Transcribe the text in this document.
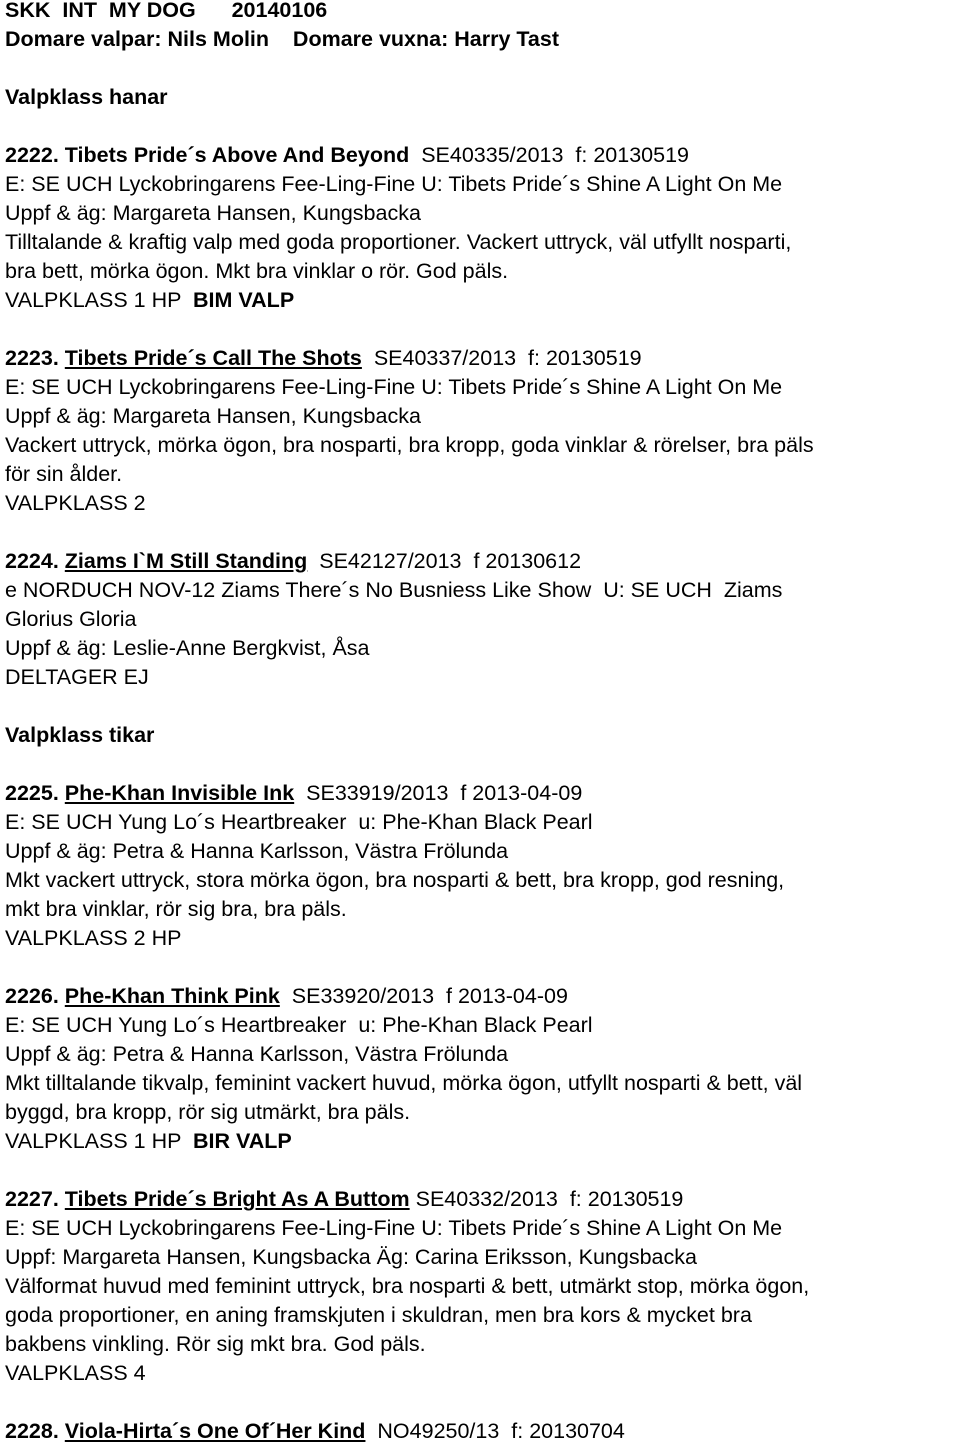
SKK  INT  MY DOG      20140106
Domare valpar: Nils Molin    Domare vuxna: Harry Tast
Valpklass hanar
2222. Tibets Pride´s Above And Beyond  SE40335/2013  f: 20130519
E: SE UCH Lyckobringarens Fee-Ling-Fine U: Tibets Pride´s Shine A Light On Me
Uppf & äg: Margareta Hansen, Kungsbacka
Tilltalande & kraftig valp med goda proportioner. Vackert uttryck, väl utfyllt nosparti,
bra bett, mörka ögon. Mkt bra vinklar o rör. God päls.
VALPKLASS 1 HP  BIM VALP
2223. Tibets Pride´s Call The Shots  SE40337/2013  f: 20130519
E: SE UCH Lyckobringarens Fee-Ling-Fine U: Tibets Pride´s Shine A Light On Me
Uppf & äg: Margareta Hansen, Kungsbacka
Vackert uttryck, mörka ögon, bra nosparti, bra kropp, goda vinklar & rörelser, bra päls
för sin ålder.
VALPKLASS 2
2224. Ziams I`M Still Standing  SE42127/2013  f 20130612
e NORDUCH NOV-12 Ziams There´s No Busniess Like Show  U: SE UCH  Ziams
Glorius Gloria
Uppf & äg: Leslie-Anne Bergkvist, Åsa
DELTAGER EJ
Valpklass tikar
2225. Phe-Khan Invisible Ink  SE33919/2013  f 2013-04-09
E: SE UCH Yung Lo´s Heartbreaker  u: Phe-Khan Black Pearl
Uppf & äg: Petra & Hanna Karlsson, Västra Frölunda
Mkt vackert uttryck, stora mörka ögon, bra nosparti & bett, bra kropp, god resning,
mkt bra vinklar, rör sig bra, bra päls.
VALPKLASS 2 HP
2226. Phe-Khan Think Pink  SE33920/2013  f 2013-04-09
E: SE UCH Yung Lo´s Heartbreaker  u: Phe-Khan Black Pearl
Uppf & äg: Petra & Hanna Karlsson, Västra Frölunda
Mkt tilltalande tikvalp, feminint vackert huvud, mörka ögon, utfyllt nosparti & bett, väl
byggd, bra kropp, rör sig utmärkt, bra päls.
VALPKLASS 1 HP  BIR VALP
2227. Tibets Pride´s Bright As A Buttom SE40332/2013  f: 20130519
E: SE UCH Lyckobringarens Fee-Ling-Fine U: Tibets Pride´s Shine A Light On Me
Uppf: Margareta Hansen, Kungsbacka Äg: Carina Eriksson, Kungsbacka
Välformat huvud med feminint uttryck, bra nosparti & bett, utmärkt stop, mörka ögon,
goda proportioner, en aning framskjuten i skuldran, men bra kors & mycket bra
bakbens vinkling. Rör sig mkt bra. God päls.
VALPKLASS 4
2228. Viola-Hirta´s One Of´Her Kind  NO49250/13  f: 20130704
